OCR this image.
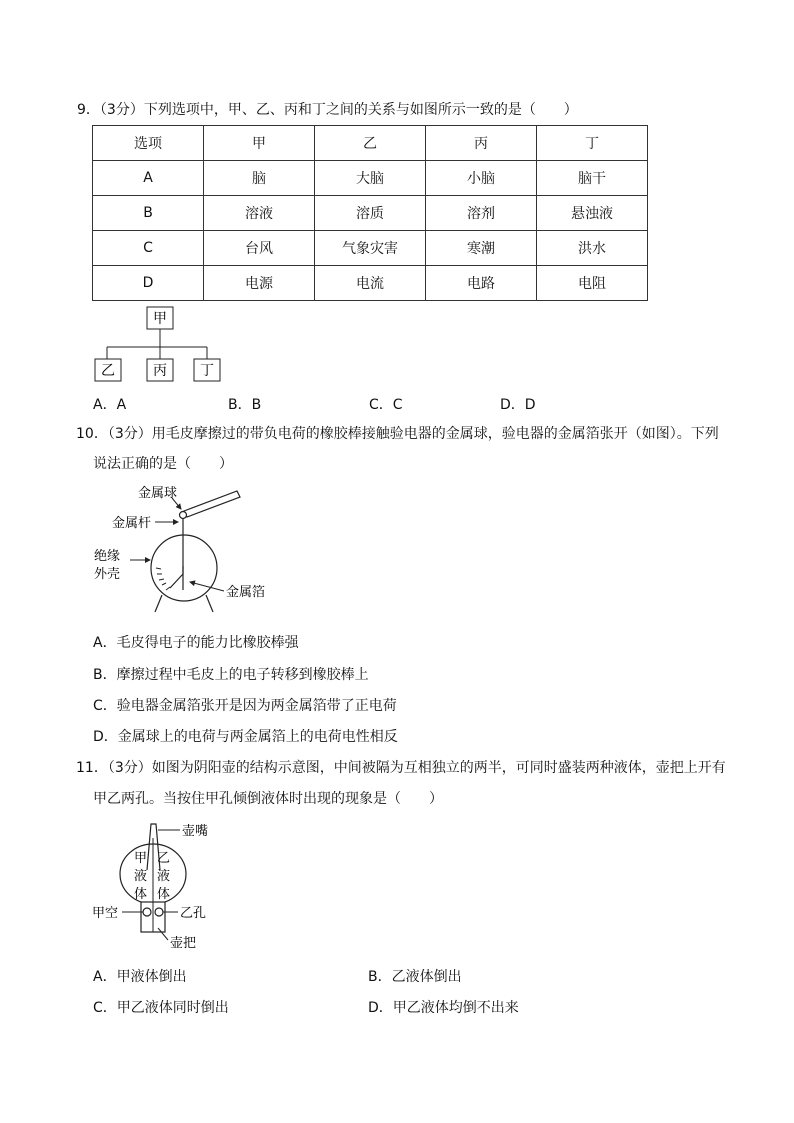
9．（3分）下列选项中，甲、乙、丙和丁之间的关系与如图所示一致的是（　　）
选项	甲	乙	丙	丁
A	脑	大脑	小脑	脑干
B	溶液	溶质	溶剂	悬浊液
C	台风	气象灾害	寒潮	洪水
D	电源	电流	电路	电阻
甲
乙	丙 丁
A．A	B．B	C．C	D．D
10．（3分）用毛皮摩擦过的带负电荷的橡胶棒接触验电器的金属球，验电器的金属箔张开（如图）。下列
说法正确的是（　　）
金属球
金属杆
绝缘
外壳
金属箔
A．毛皮得电子的能力比橡胶棒强
B．摩擦过程中毛皮上的电子转移到橡胶棒上
C．验电器金属箔张开是因为两金属箔带了正电荷
D．金属球上的电荷与两金属箔上的电荷电性相反
11．（3分）如图为阴阳壶的结构示意图，中间被隔为互相独立的两半，可同时盛装两种液体，壶把上开有
甲乙两孔。当按住甲孔倾倒液体时出现的现象是（　　）
壶嘴
甲
液
体
乙
液
体
甲空	乙孔
壶把
A．甲液体倒出	B．乙液体倒出
C．甲乙液体同时倒出	D．甲乙液体均倒不出来
